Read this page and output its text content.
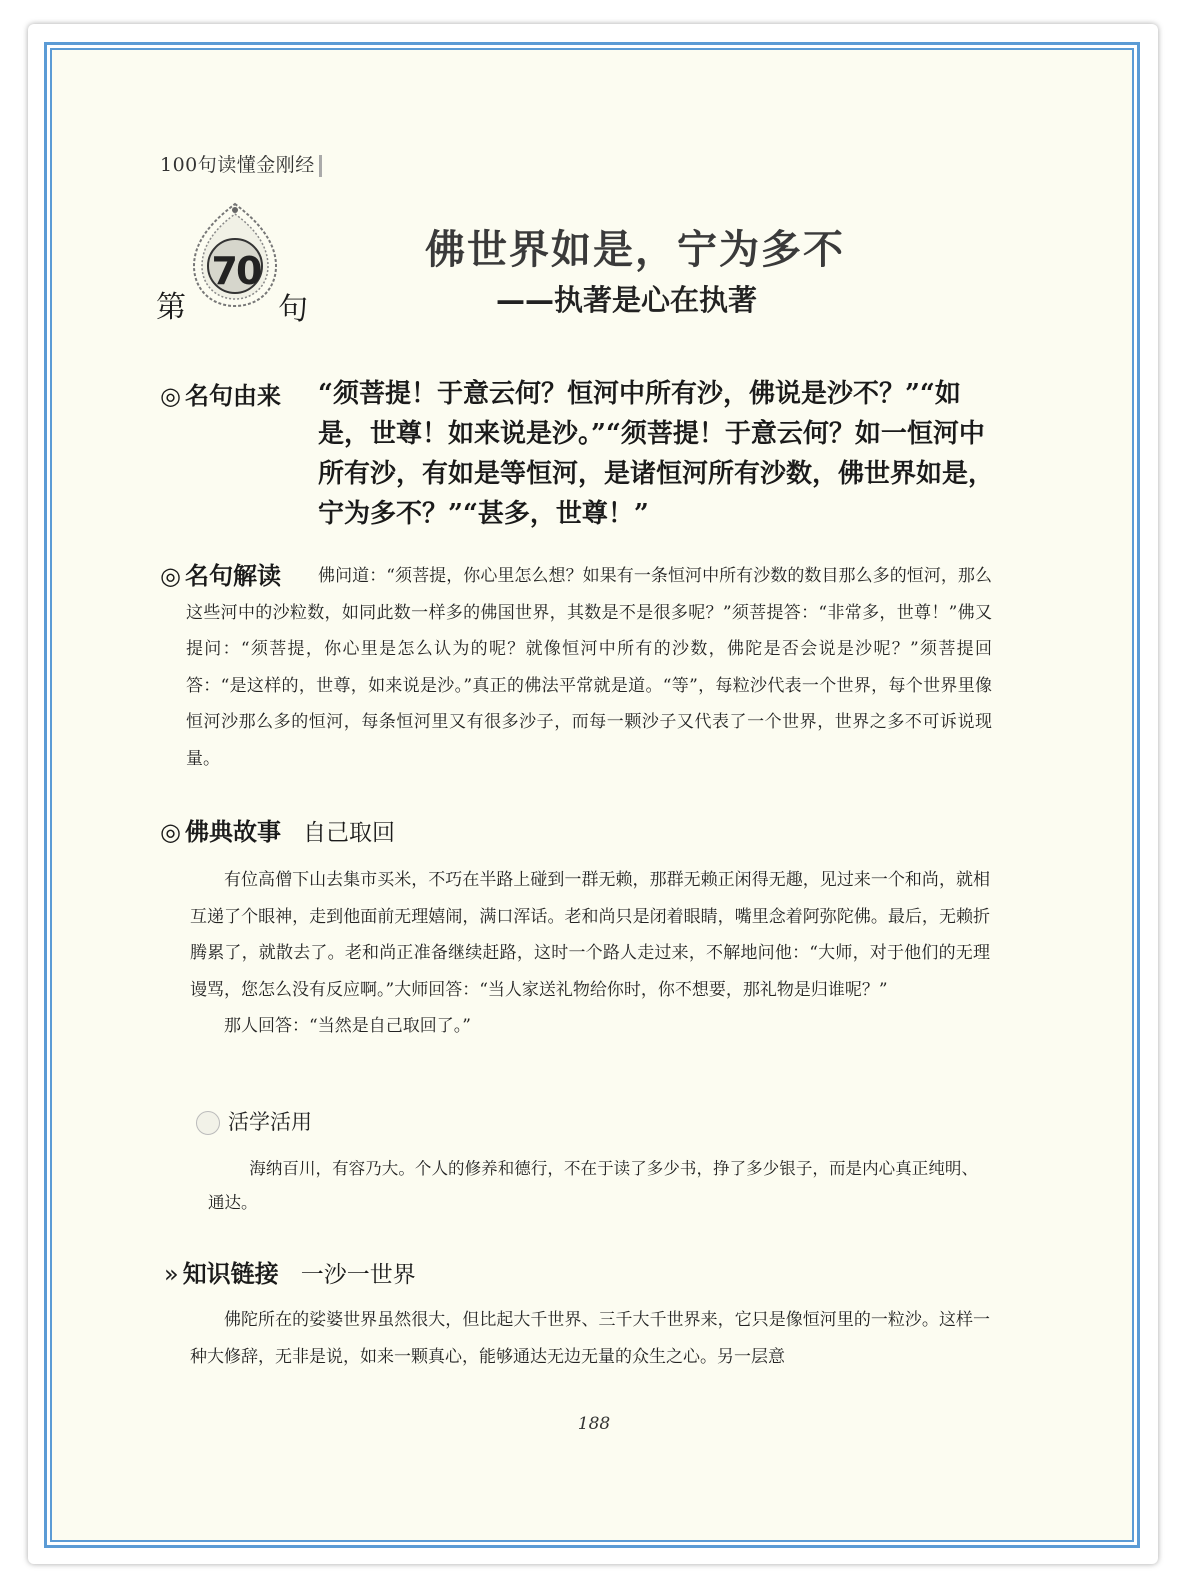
100句读懂金刚经
70
第	句
佛世界如是，宁为多不
——执著是心在执著
◎ 名句由来 “须菩提！于意云何？恒河中所有沙，佛说是沙不？”“如是，世尊！如来说是沙。”“须菩提！于意云何？如一恒河中所有沙，有如是等恒河，是诸恒河所有沙数，佛世界如是，宁为多不？”“甚多，世尊！”
◎ 名句解读	佛问道：“须菩提，你心里怎么想？如果有一条恒河中所有沙数的数目那么多的恒河，那么这些河中的沙粒数，如同此数一样多的佛国世界，其数是不是很多呢？”须菩提答：“非常多，世尊！”佛又提问：“须菩提，你心里是怎么认为的呢？就像恒河中所有的沙数，佛陀是否会说是沙呢？”须菩提回答：“是这样的，世尊，如来说是沙。”真正的佛法平常就是道。“等”，每粒沙代表一个世界，每个世界里像恒河沙那么多的恒河，每条恒河里又有很多沙子，而每一颗沙子又代表了一个世界，世界之多不可诉说现量。
◎ 佛典故事 自己取回

有位高僧下山去集市买米，不巧在半路上碰到一群无赖，那群无赖正闲得无趣，见过来一个和尚，就相互递了个眼神，走到他面前无理嬉闹，满口浑话。老和尚只是闭着眼睛，嘴里念着阿弥陀佛。最后，无赖折腾累了，就散去了。老和尚正准备继续赶路，这时一个路人走过来，不解地问他：“大师，对于他们的无理谩骂，您怎么没有反应啊。”大师回答：“当人家送礼物给你时，你不想要，那礼物是归谁呢？”

那人回答：“当然是自己取回了。”

活学活用
海纳百川，有容乃大。个人的修养和德行，不在于读了多少书，挣了多少银子，而是内心真正纯明、通达。
» 知识链接 一沙一世界
佛陀所在的娑婆世界虽然很大，但比起大千世界、三千大千世界来，它只是像恒河里的一粒沙。这样一种大修辞，无非是说，如来一颗真心，能够通达无边无量的众生之心。另一层意
188
